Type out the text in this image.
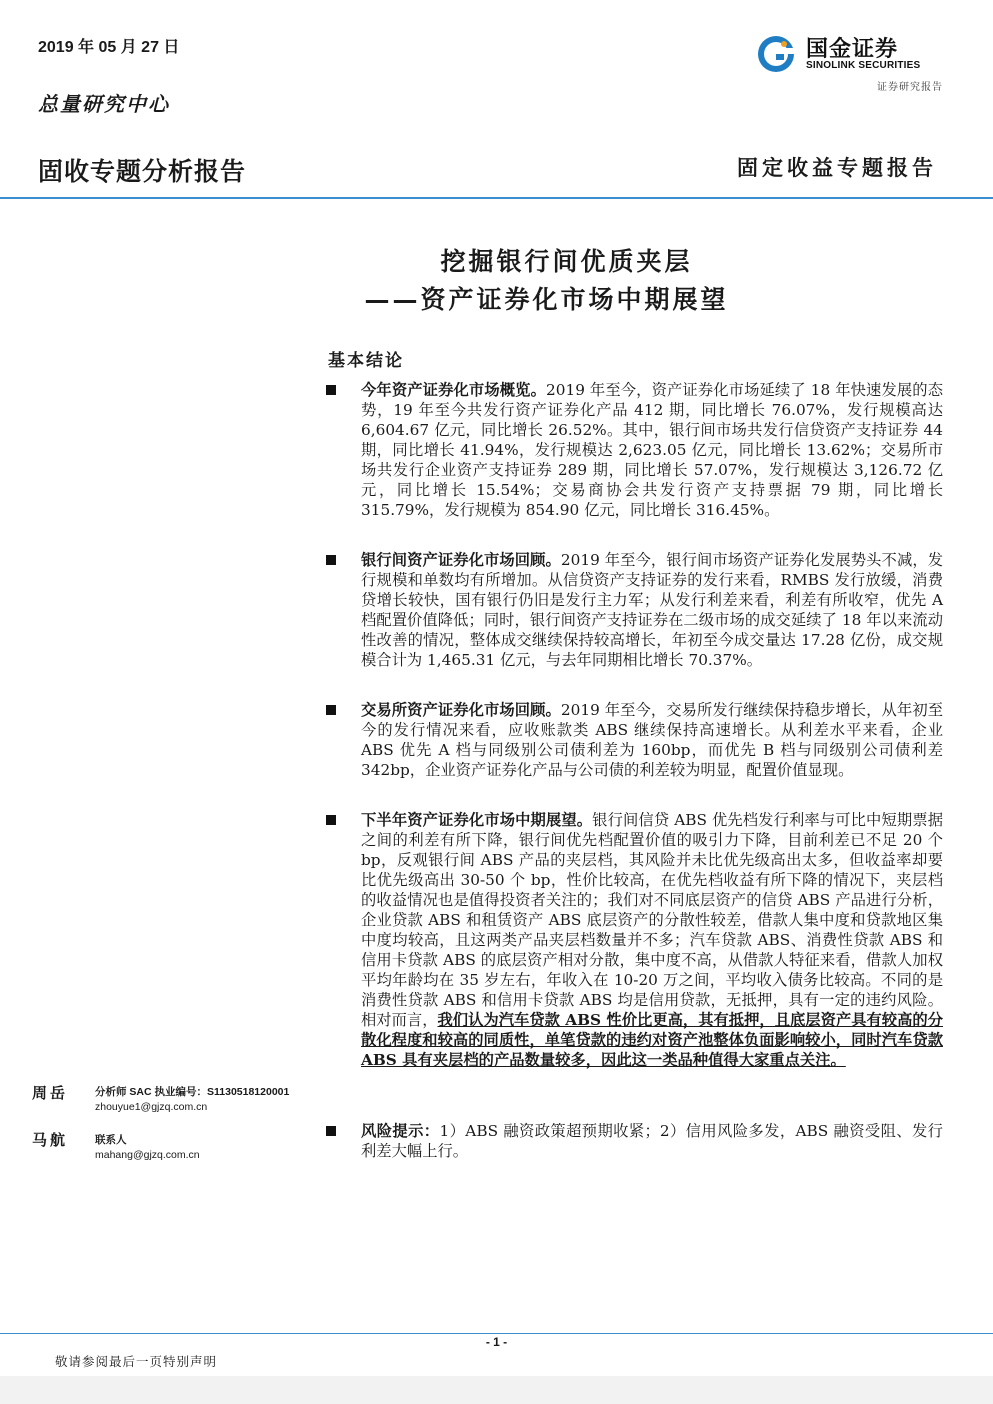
2019 年 05 月 27 日
总量研究中心
固收专题分析报告	固定收益专题报告
国金证券
SINOLINK SECURITIES
证券研究报告
挖掘银行间优质夹层
——资产证券化市场中期展望
基本结论
今年资产证券化市场概览。2019 年至今，资产证券化市场延续了 18 年快速发展的态势，19 年至今共发行资产证券化产品 412 期，同比增长 76.07%，发行规模高达 6,604.67 亿元，同比增长 26.52%。其中，银行间市场共发行信贷资产支持证券 44 期，同比增长 41.94%，发行规模达 2,623.05 亿元，同比增长 13.62%；交易所市场共发行企业资产支持证券 289 期，同比增长 57.07%，发行规模达 3,126.72 亿元，同比增长 15.54%；交易商协会共发行资产支持票据 79 期，同比增长 315.79%，发行规模为 854.90 亿元，同比增长 316.45%。
银行间资产证券化市场回顾。2019 年至今，银行间市场资产证券化发展势头不减，发行规模和单数均有所增加。从信贷资产支持证券的发行来看，RMBS 发行放缓，消费贷增长较快，国有银行仍旧是发行主力军；从发行利差来看，利差有所收窄，优先 A 档配置价值降低；同时，银行间资产支持证券在二级市场的成交延续了 18 年以来流动性改善的情况，整体成交继续保持较高增长，年初至今成交量达 17.28 亿份，成交规模合计为 1,465.31 亿元，与去年同期相比增长 70.37%。
交易所资产证券化市场回顾。2019 年至今，交易所发行继续保持稳步增长，从年初至今的发行情况来看，应收账款类 ABS 继续保持高速增长。从利差水平来看，企业 ABS 优先 A 档与同级别公司债利差为 160bp，而优先 B 档与同级别公司债利差 342bp，企业资产证券化产品与公司债的利差较为明显，配置价值显现。
下半年资产证券化市场中期展望。银行间信贷 ABS 优先档发行利率与可比中短期票据之间的利差有所下降，银行间优先档配置价值的吸引力下降，目前利差已不足 20 个 bp，反观银行间 ABS 产品的夹层档，其风险并未比优先级高出太多，但收益率却要比优先级高出 30-50 个 bp，性价比较高，在优先档收益有所下降的情况下，夹层档的收益情况也是值得投资者关注的；我们对不同底层资产的信贷 ABS 产品进行分析，企业贷款 ABS 和租赁资产 ABS 底层资产的分散性较差，借款人集中度和贷款地区集中度均较高，且这两类产品夹层档数量并不多；汽车贷款 ABS、消费性贷款 ABS 和信用卡贷款 ABS 的底层资产相对分散，集中度不高，从借款人特征来看，借款人加权平均年龄均在 35 岁左右，年收入在 10-20 万之间，平均收入债务比较高。不同的是消费性贷款 ABS 和信用卡贷款 ABS 均是信用贷款，无抵押，具有一定的违约风险。相对而言，我们认为汽车贷款 ABS 性价比更高，其有抵押，且底层资产具有较高的分散化程度和较高的同质性，单笔贷款的违约对资产池整体负面影响较小，同时汽车贷款 ABS 具有夹层档的产品数量较多，因此这一类品种值得大家重点关注。
风险提示：1）ABS 融资政策超预期收紧；2）信用风险多发，ABS 融资受阻、发行利差大幅上行。
周岳	分析师 SAC 执业编号：S1130518120001
zhouyue1@gjzq.com.cn
马航	联系人
mahang@gjzq.com.cn
- 1 -
敬请参阅最后一页特别声明
